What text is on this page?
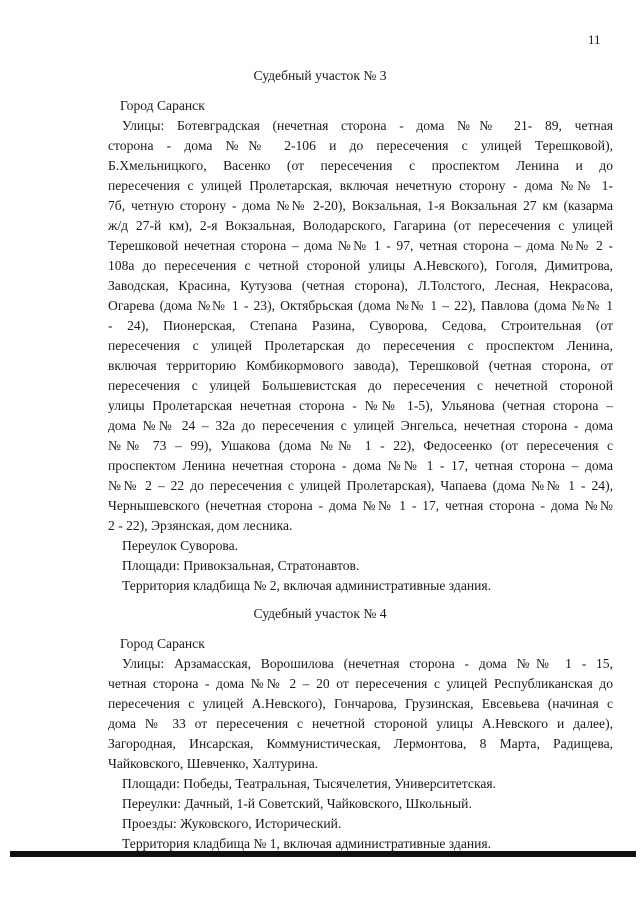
11
Судебный участок № 3
Город Саранск
Улицы: Ботевградская (нечетная сторона - дома №№ 21- 89, четная
сторона - дома №№ 2-106 и до пересечения с улицей Терешковой),
Б.Хмельницкого, Васенко (от пересечения с проспектом Ленина и до
пересечения с улицей Пролетарская, включая нечетную сторону - дома №№ 1-
7б, четную сторону - дома №№ 2-20), Вокзальная, 1-я Вокзальная 27 км (казарма
ж/д 27-й км), 2-я Вокзальная, Володарского, Гагарина (от пересечения с улицей
Терешковой нечетная сторона – дома №№ 1 - 97, четная сторона – дома №№ 2 -
108а до пересечения с четной стороной улицы А.Невского), Гоголя, Димитрова,
Заводская, Красина, Кутузова (четная сторона), Л.Толстого, Лесная, Некрасова,
Огарева (дома №№ 1 - 23), Октябрьская (дома №№ 1 – 22), Павлова (дома №№ 1
- 24), Пионерская, Степана Разина, Суворова, Седова, Строительная (от
пересечения с улицей Пролетарская до пересечения с проспектом Ленина,
включая территорию Комбикормового завода), Терешковой (четная сторона, от
пересечения с улицей Большевистская до пересечения с нечетной стороной
улицы Пролетарская нечетная сторона - №№ 1-5), Ульянова (четная сторона –
дома №№ 24 – 32а до пересечения с улицей Энгельса, нечетная сторона - дома
№№ 73 – 99), Ушакова (дома №№ 1 - 22), Федосеенко (от пересечения с
проспектом Ленина нечетная сторона - дома №№ 1 - 17, четная сторона – дома
№№ 2 – 22 до пересечения с улицей Пролетарская), Чапаева (дома №№ 1 - 24),
Чернышевского (нечетная сторона - дома №№ 1 - 17, четная сторона - дома №№
2 - 22), Эрзянская, дом лесника.
Переулок Суворова.
Площади: Привокзальная, Стратонавтов.
Территория кладбища № 2, включая административные здания.
Судебный участок № 4
Город Саранск
Улицы: Арзамасская, Ворошилова (нечетная сторона - дома №№ 1 - 15,
четная сторона - дома №№ 2 – 20 от пересечения с улицей Республиканская до
пересечения с улицей А.Невского), Гончарова, Грузинская, Евсевьева (начиная с
дома № 33 от пересечения с нечетной стороной улицы А.Невского и далее),
Загородная, Инсарская, Коммунистическая, Лермонтова, 8 Марта, Радищева,
Чайковского, Шевченко, Халтурина.
Площади: Победы, Театральная, Тысячелетия, Университетская.
Переулки: Дачный, 1-й Советский, Чайковского, Школьный.
Проезды: Жуковского, Исторический.
Территория кладбища № 1, включая административные здания.
